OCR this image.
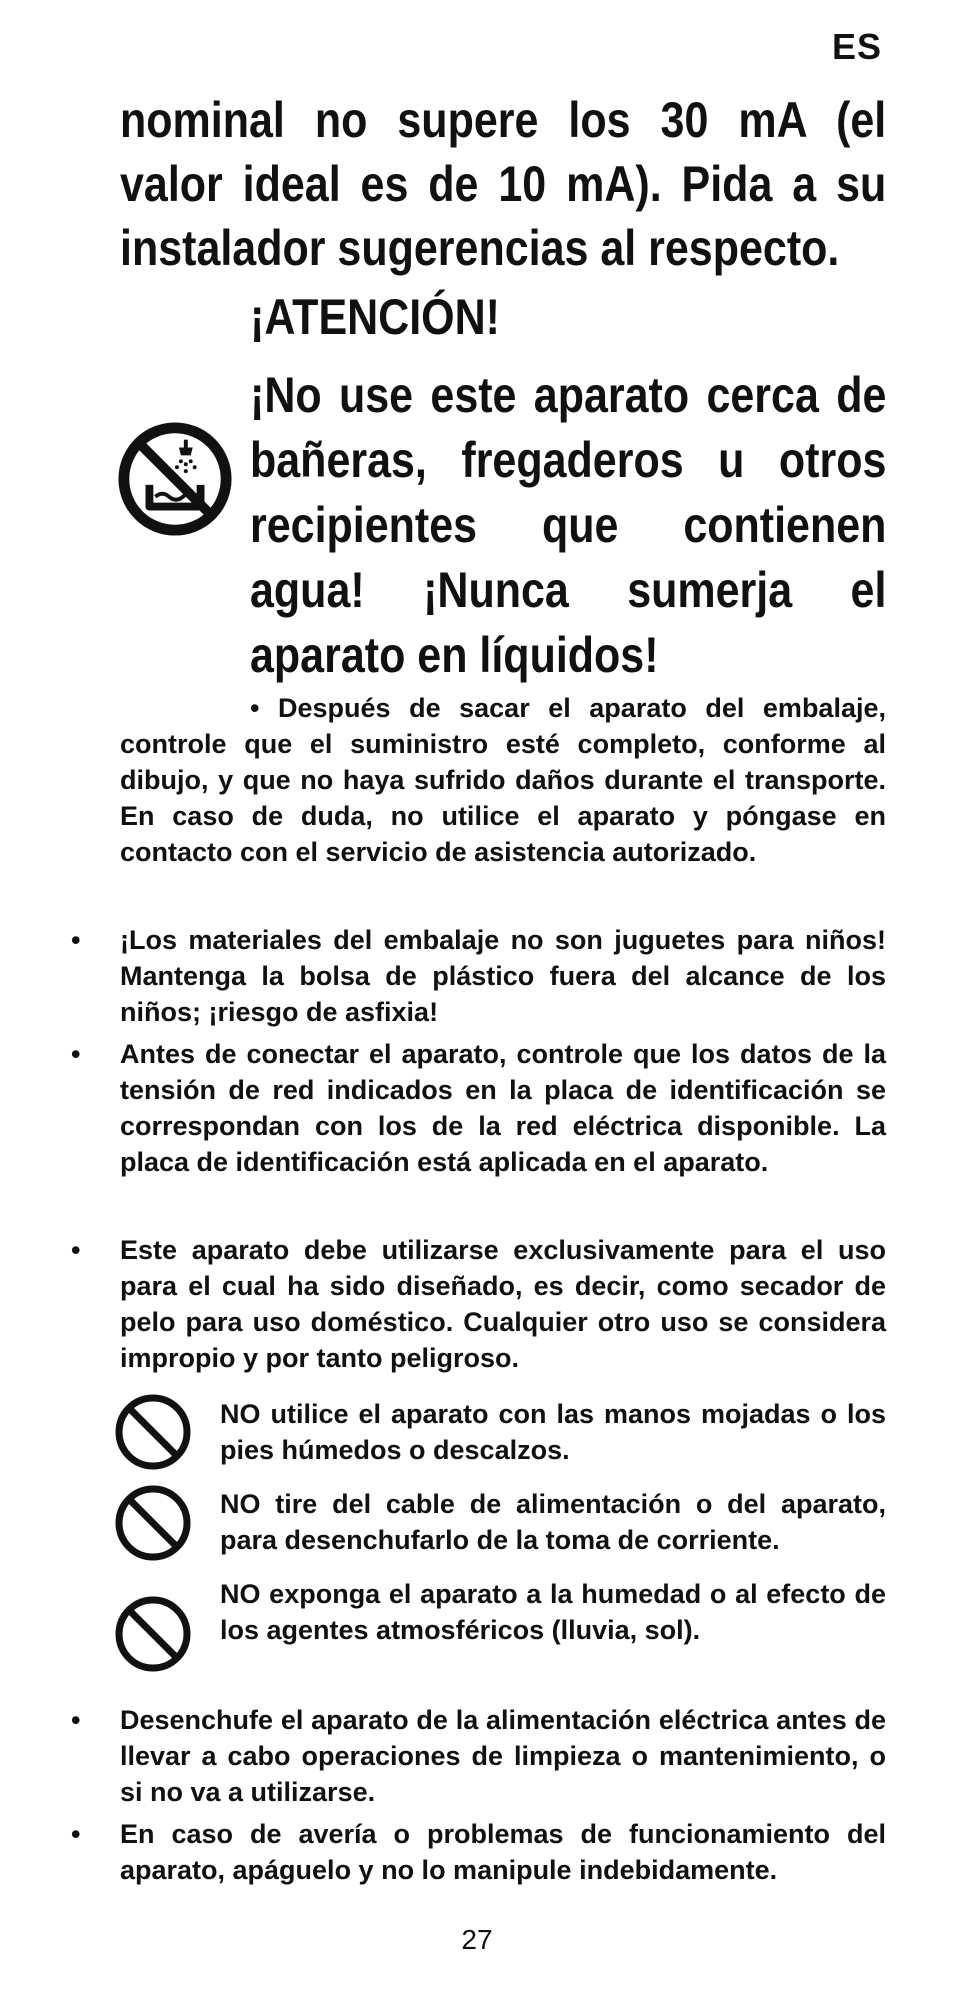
ES
nominal no supere los 30 mA (el valor ideal es de 10 mA). Pida a su instalador sugerencias al respecto.
¡ATENCIÓN!
¡No use este aparato cerca de bañeras, fregaderos u otros recipientes que contienen agua! ¡Nunca sumerja el aparato en líquidos!
• Después de sacar el aparato del embalaje, controle que el suministro esté completo, conforme al dibujo, y que no haya sufrido daños durante el transporte. En caso de duda, no utilice el aparato y póngase en contacto con el servicio de asistencia autorizado.
• ¡Los materiales del embalaje no son juguetes para niños! Mantenga la bolsa de plástico fuera del alcance de los niños; ¡riesgo de asfixia!
• Antes de conectar el aparato, controle que los datos de la tensión de red indicados en la placa de identificación se correspondan con los de la red eléctrica disponible. La placa de identificación está aplicada en el aparato.
• Este aparato debe utilizarse exclusivamente para el uso para el cual ha sido diseñado, es decir, como secador de pelo para uso doméstico. Cualquier otro uso se considera impropio y por tanto peligroso.
NO utilice el aparato con las manos mojadas o los pies húmedos o descalzos.
NO tire del cable de alimentación o del aparato, para desenchufarlo de la toma de corriente.
NO exponga el aparato a la humedad o al efecto de los agentes atmosféricos (lluvia, sol).
• Desenchufe el aparato de la alimentación eléctrica antes de llevar a cabo operaciones de limpieza o mantenimiento, o si no va a utilizarse.
• En caso de avería o problemas de funcionamiento del aparato, apáguelo y no lo manipule indebidamente.
27
